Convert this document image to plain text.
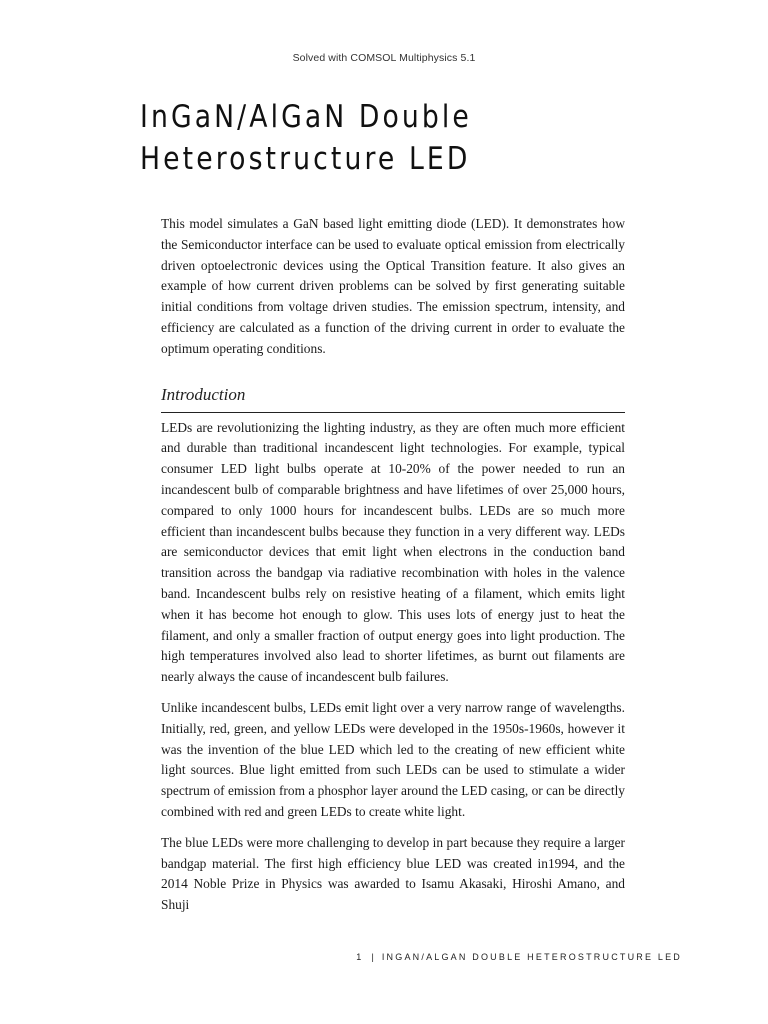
Solved with COMSOL Multiphysics 5.1
InGaN/AlGaN Double Heterostructure LED

This model simulates a GaN based light emitting diode (LED). It demonstrates how the Semiconductor interface can be used to evaluate optical emission from electrically driven optoelectronic devices using the Optical Transition feature. It also gives an example of how current driven problems can be solved by first generating suitable initial conditions from voltage driven studies. The emission spectrum, intensity, and efficiency are calculated as a function of the driving current in order to evaluate the optimum operating conditions.

Introduction

LEDs are revolutionizing the lighting industry, as they are often much more efficient and durable than traditional incandescent light technologies. For example, typical consumer LED light bulbs operate at 10-20% of the power needed to run an incandescent bulb of comparable brightness and have lifetimes of over 25,000 hours, compared to only 1000 hours for incandescent bulbs. LEDs are so much more efficient than incandescent bulbs because they function in a very different way. LEDs are semiconductor devices that emit light when electrons in the conduction band transition across the bandgap via radiative recombination with holes in the valence band. Incandescent bulbs rely on resistive heating of a filament, which emits light when it has become hot enough to glow. This uses lots of energy just to heat the filament, and only a smaller fraction of output energy goes into light production. The high temperatures involved also lead to shorter lifetimes, as burnt out filaments are nearly always the cause of incandescent bulb failures.

Unlike incandescent bulbs, LEDs emit light over a very narrow range of wavelengths. Initially, red, green, and yellow LEDs were developed in the 1950s-1960s, however it was the invention of the blue LED which led to the creating of new efficient white light sources. Blue light emitted from such LEDs can be used to stimulate a wider spectrum of emission from a phosphor layer around the LED casing, or can be directly combined with red and green LEDs to create white light.

The blue LEDs were more challenging to develop in part because they require a larger bandgap material. The first high efficiency blue LED was created in1994, and the 2014 Noble Prize in Physics was awarded to Isamu Akasaki, Hiroshi Amano, and Shuji

1 | INGAN/ALGAN DOUBLE HETEROSTRUCTURE LED
